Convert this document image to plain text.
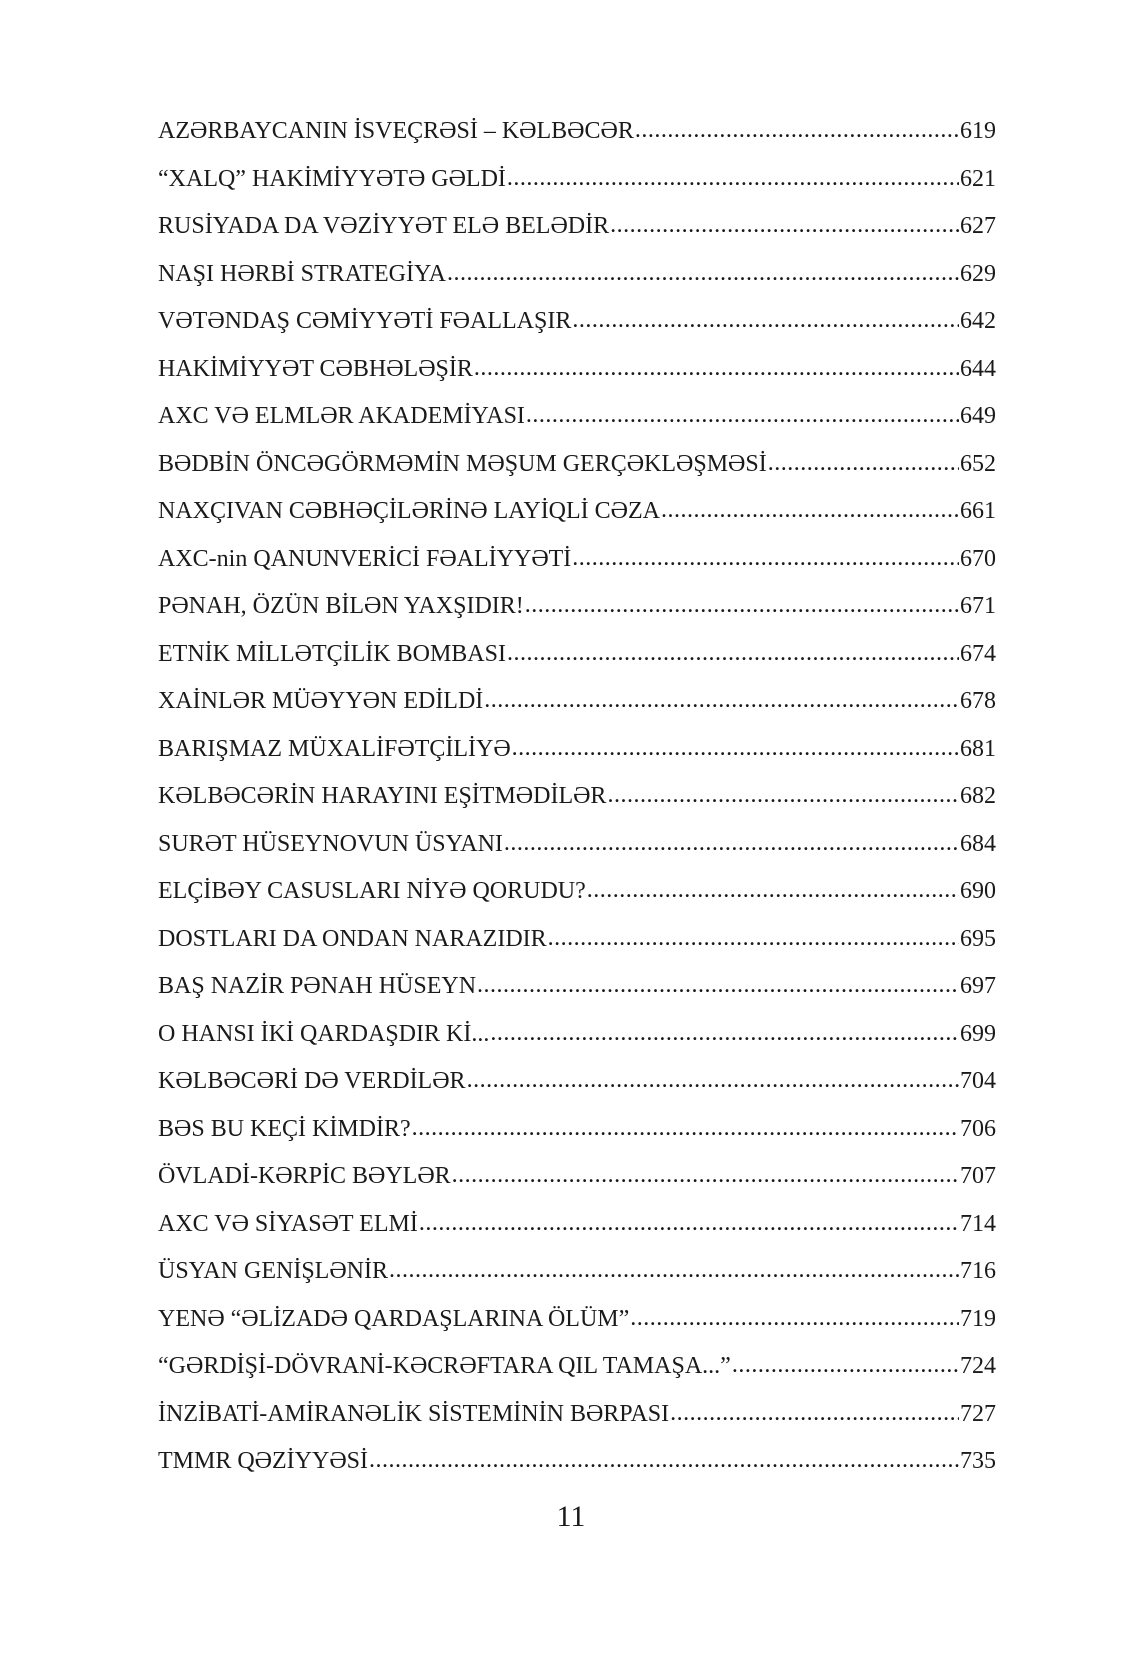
AZƏRBAYCANIN İSVEÇRƏSİ – KƏLBƏCƏR .....	619
“XALQ” HAKİMİYYƏTƏ GƏLDİ .....	621
RUSİYADA DA VƏZİYYƏT ELƏ BELƏDİR .....	627
NAŞI HƏRBİ STRATEGİYA .....	629
VƏTƏNDAŞ CƏMİYYƏTİ FƏALLAŞIR .....	642
HAKİMİYYƏT CƏBHƏLƏŞİR .....	644
AXC VƏ ELMLƏR AKADEMİYASI .....	649
BƏDBİN ÖNCƏGÖRMƏMİN MƏŞUM GERÇƏKLƏŞMƏSİ .....	652
NAXÇIVAN CƏBHƏÇİLƏRİNƏ LAYİQLİ CƏZA .....	661
AXC-nin QANUNVERİCİ FƏALİYYƏTİ .....	670
PƏNAH, ÖZÜN BİLƏN YAXŞIDIR! .....	671
ETNİK MİLLƏTÇİLİK BOMBASI .....	674
XAİNLƏR MÜƏYYƏN EDİLDİ .....	678
BARIŞMAZ MÜXALİFƏTÇİLİYƏ .....	681
KƏLBƏCƏRİN HARAYINI EŞİTMƏDİLƏR .....	682
SURƏT HÜSEYNOVUN ÜSYANI .....	684
ELÇİBƏY CASUSLARI NİYƏ QORUDU? .....	690
DOSTLARI DA ONDAN NARAZIDIR .....	695
BAŞ NAZİR PƏNAH HÜSEYN .....	697
O HANSI İKİ QARDAŞDIR Kİ... .....	699
KƏLBƏCƏRİ DƏ VERDİLƏR .....	704
BƏS BU KEÇİ KİMDİR? .....	706
ÖVLADİ-KƏRPİC BƏYLƏR .....	707
AXC VƏ SİYASƏT ELMİ .....	714
ÜSYAN GENİŞLƏNİR .....	716
YENƏ “ƏLİZADƏ QARDAŞLARINA ÖLÜM” .....	719
“GƏRDİŞİ-DÖVRANİ-KƏCRƏFTARA QIL TAMAŞA...” .....	724
İNZİBATİ-AMİRANƏLİK SİSTEMİNİN BƏRPASI .....	727
TMMR QƏZİYYƏSİ .....	735
11
